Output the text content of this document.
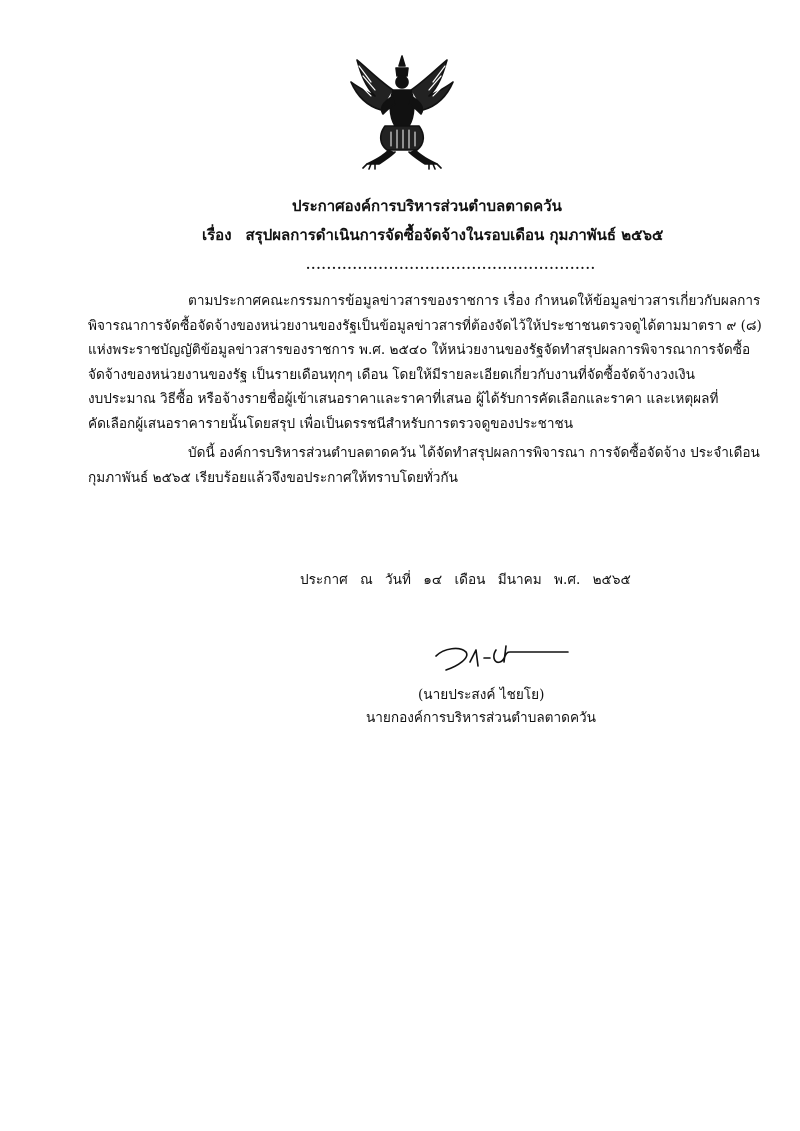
ประกาศองค์การบริหารส่วนตำบลตาดควัน
เรื่อง สรุปผลการดำเนินการจัดซื้อจัดจ้างในรอบเดือน กุมภาพันธ์ ๒๕๖๕
........................................................
ตามประกาศคณะกรรมการข้อมูลข่าวสารของราชการ เรื่อง กำหนดให้ข้อมูลข่าวสารเกี่ยวกับผลการ
พิจารณาการจัดซื้อจัดจ้างของหน่วยงานของรัฐเป็นข้อมูลข่าวสารที่ต้องจัดไว้ให้ประชาชนตรวจดูได้ตามมาตรา ๙ (๘)
แห่งพระราชบัญญัติข้อมูลข่าวสารของราชการ พ.ศ. ๒๕๔๐ ให้หน่วยงานของรัฐจัดทำสรุปผลการพิจารณาการจัดซื้อ
จัดจ้างของหน่วยงานของรัฐ เป็นรายเดือนทุกๆ เดือน โดยให้มีรายละเอียดเกี่ยวกับงานที่จัดซื้อจัดจ้างวงเงิน
งบประมาณ วิธีซื้อ หรือจ้างรายชื่อผู้เข้าเสนอราคาและราคาที่เสนอ ผู้ได้รับการคัดเลือกและราคา และเหตุผลที่
คัดเลือกผู้เสนอราคารายนั้นโดยสรุป เพื่อเป็นดรรชนีสำหรับการตรวจดูของประชาชน
บัดนี้ องค์การบริหารส่วนตำบลตาดควัน ได้จัดทำสรุปผลการพิจารณา การจัดซื้อจัดจ้าง ประจำเดือน
กุมภาพันธ์ ๒๕๖๕ เรียบร้อยแล้วจึงขอประกาศให้ทราบโดยทั่วกัน
ประกาศ ณ วันที่ ๑๔ เดือน มีนาคม พ.ศ. ๒๕๖๕
(นายประสงค์ ไชยโย)
นายกองค์การบริหารส่วนตำบลตาดควัน
